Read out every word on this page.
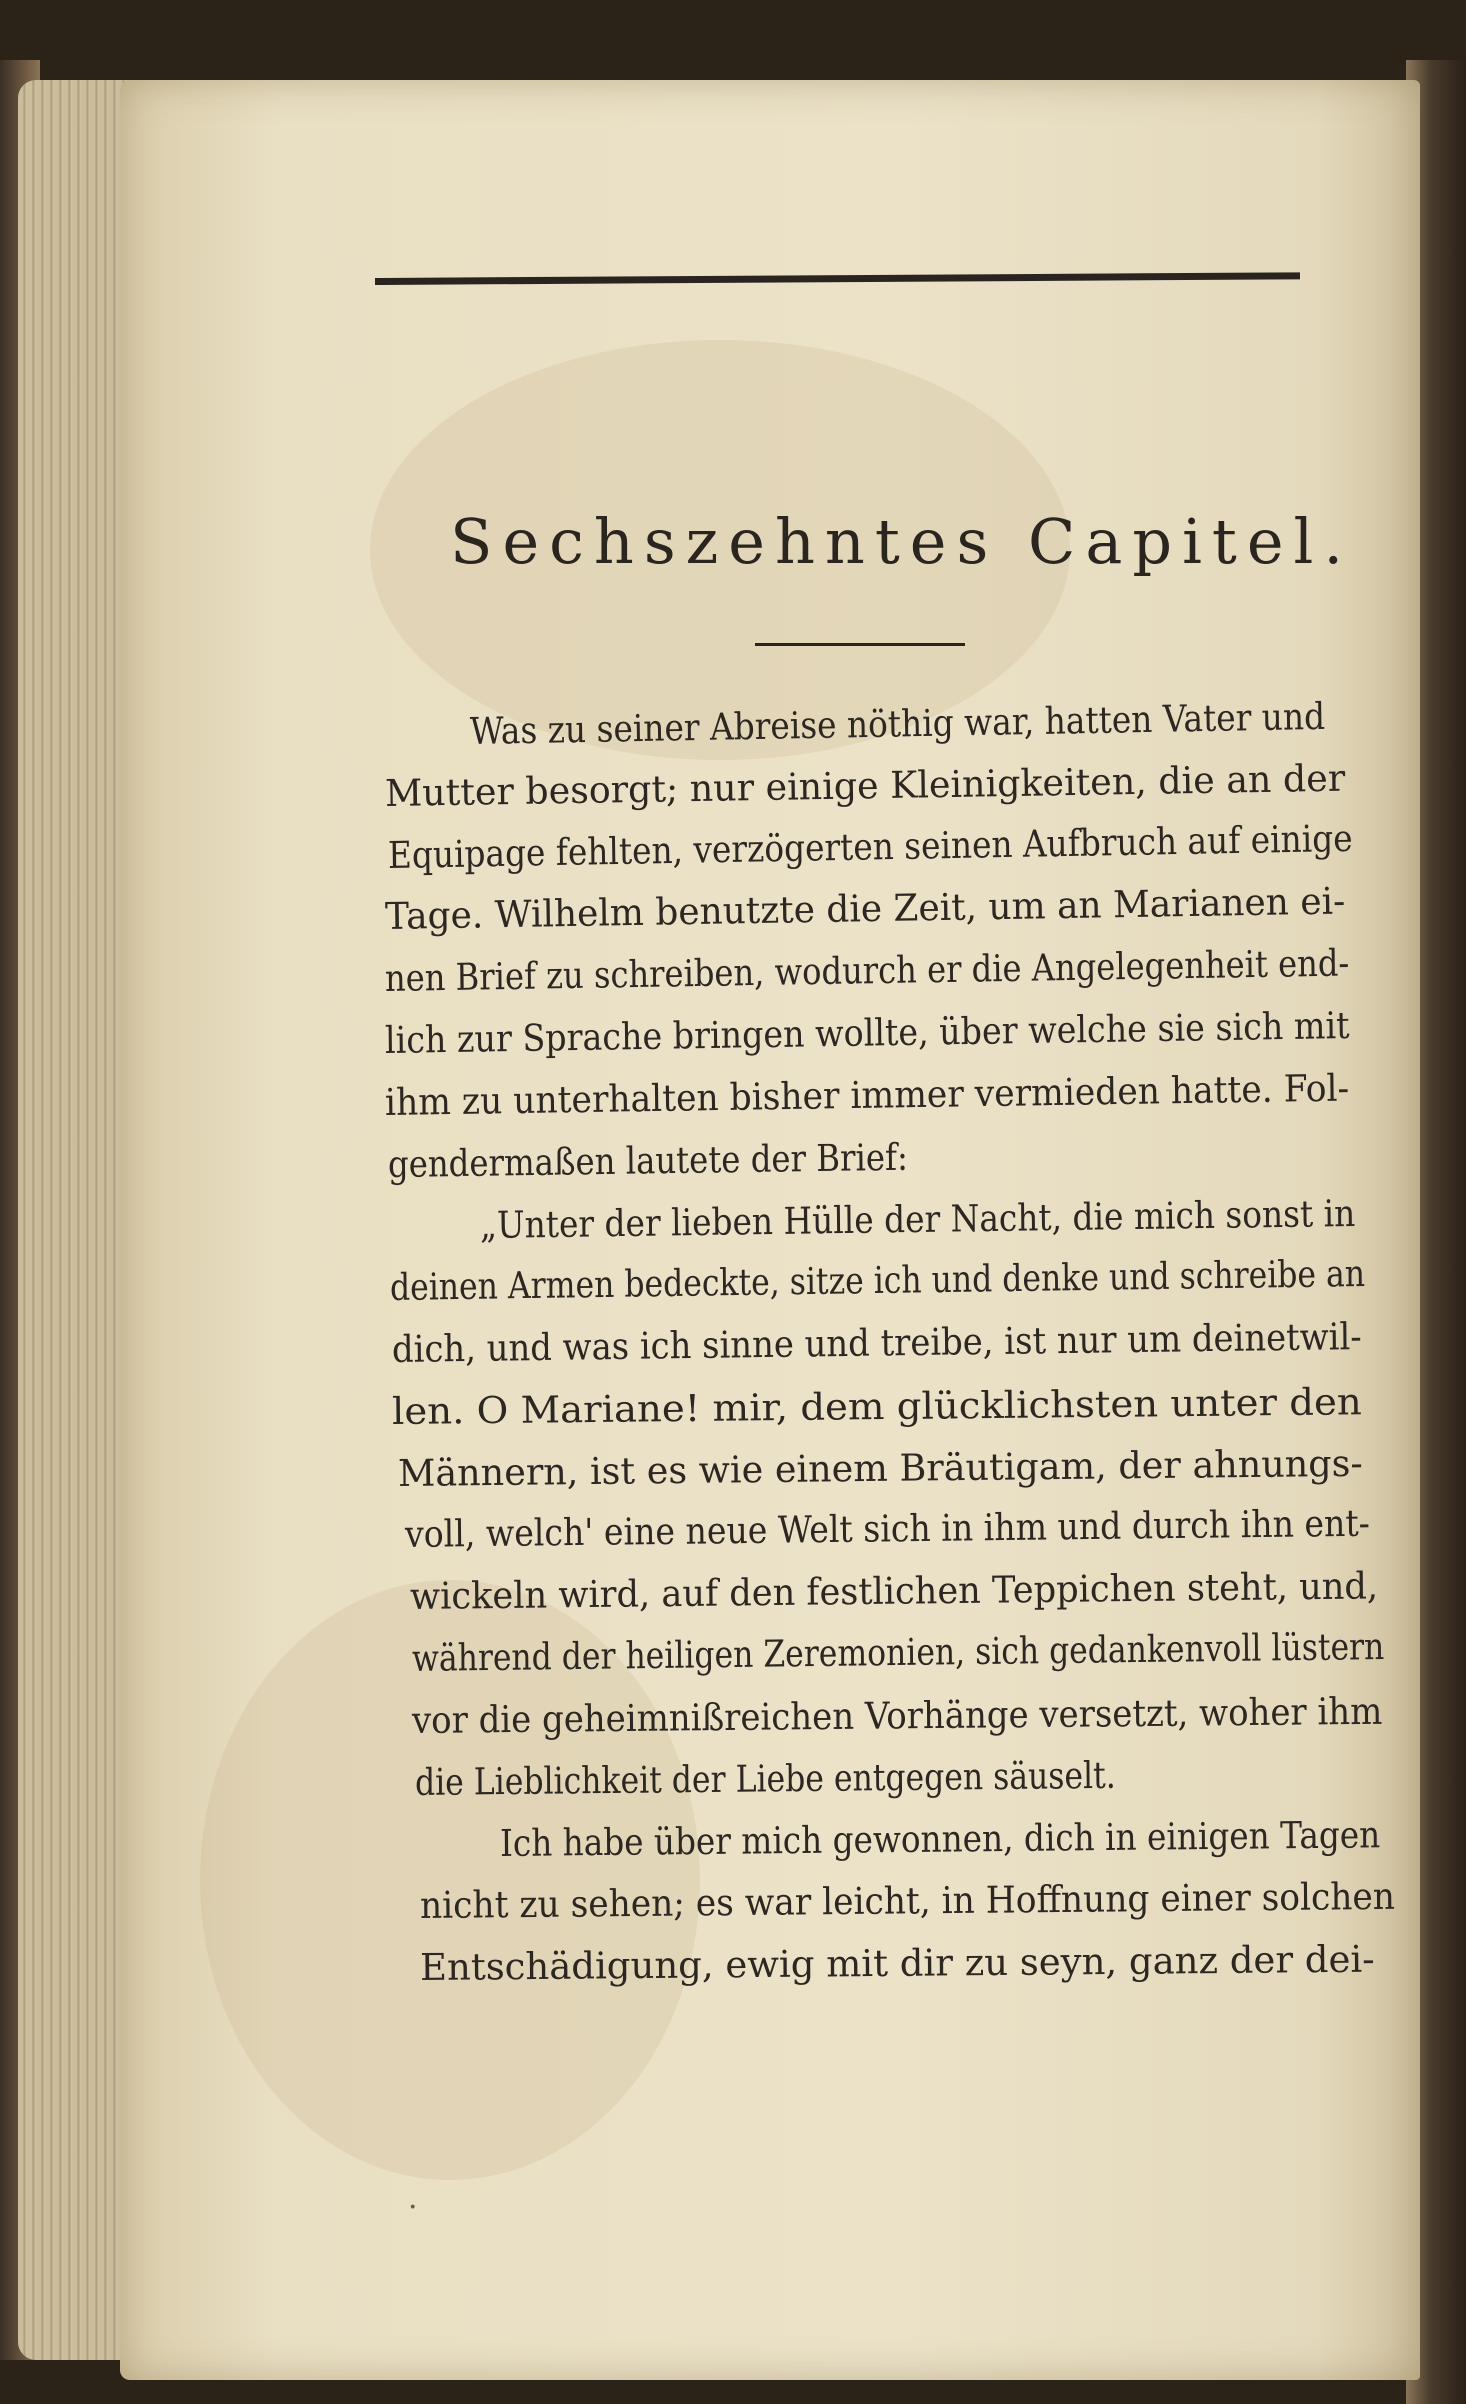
Sechszehntes Capitel.
Was zu seiner Abreise nöthig war, hatten Vater und
Mutter besorgt; nur einige Kleinigkeiten, die an der
Equipage fehlten, verzögerten seinen Aufbruch auf einige
Tage. Wilhelm benutzte die Zeit, um an Marianen ei-
nen Brief zu schreiben, wodurch er die Angelegenheit end-
lich zur Sprache bringen wollte, über welche sie sich mit
ihm zu unterhalten bisher immer vermieden hatte. Fol-
gendermaßen lautete der Brief:
„Unter der lieben Hülle der Nacht, die mich sonst in
deinen Armen bedeckte, sitze ich und denke und schreibe an
dich, und was ich sinne und treibe, ist nur um deinetwil-
len. O Mariane! mir, dem glücklichsten unter den
Männern, ist es wie einem Bräutigam, der ahnungs-
voll, welch' eine neue Welt sich in ihm und durch ihn ent-
wickeln wird, auf den festlichen Teppichen steht, und,
während der heiligen Zeremonien, sich gedankenvoll lüstern
vor die geheimnißreichen Vorhänge versetzt, woher ihm
die Lieblichkeit der Liebe entgegen säuselt.
Ich habe über mich gewonnen, dich in einigen Tagen
nicht zu sehen; es war leicht, in Hoffnung einer solchen
Entschädigung, ewig mit dir zu seyn, ganz der dei-
·
